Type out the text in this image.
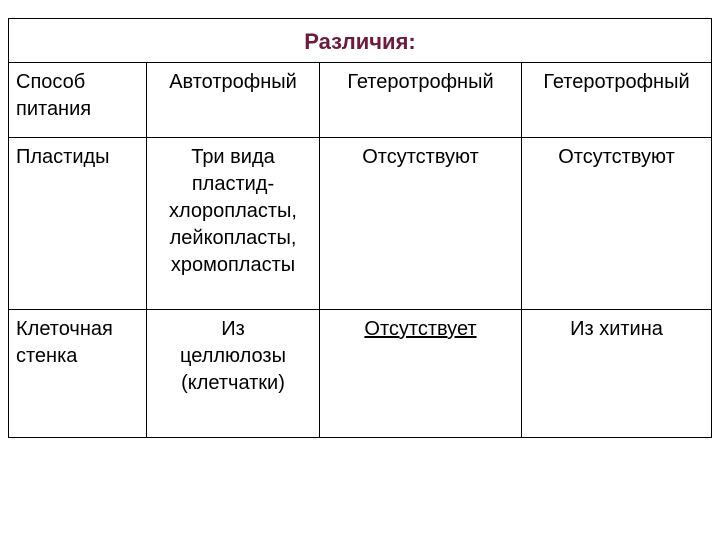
Различия:			
Способ питания	Автотрофный	Гетеротрофный	Гетеротрофный
Пластиды	Три вида пластид- хлоропласты, лейкопласты, хромопласты	Отсутствуют	Отсутствуют
Клеточная стенка	Из целлюлозы (клетчатки)	Отсутствует	Из хитина
